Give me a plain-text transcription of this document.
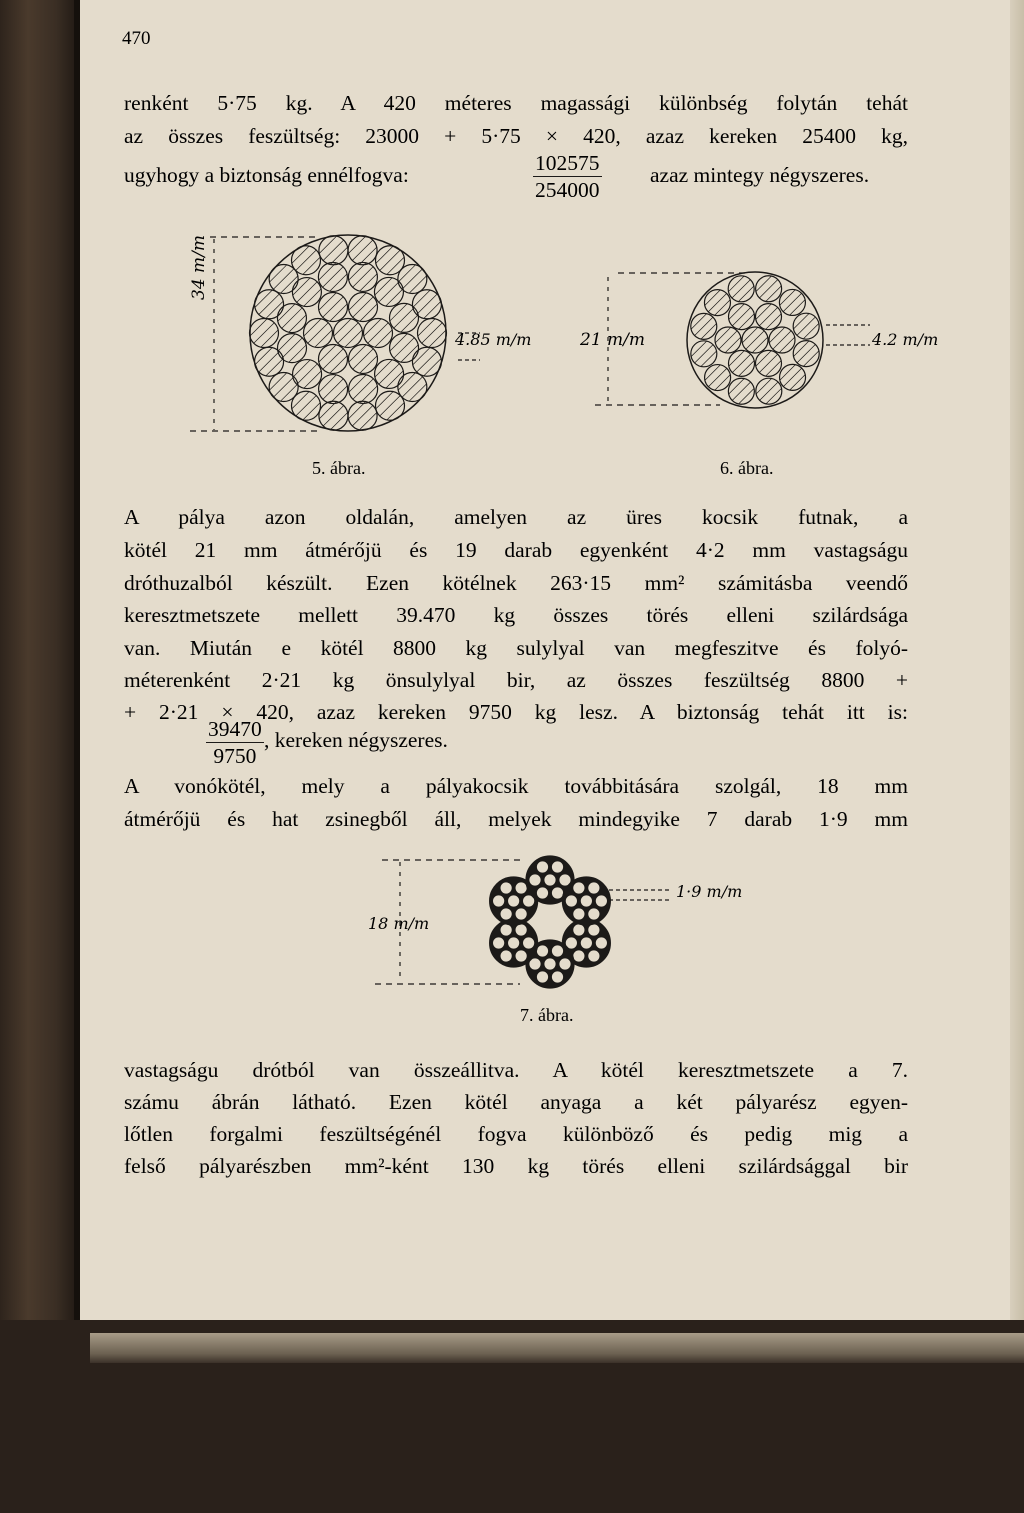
470
renként 5·75 kg. A 420 méteres magassági különbség folytán tehát
az összes feszültség: 23000 + 5·75 × 420, azaz kereken 25400 kg,
ugyhogy a biztonság ennélfogva:	$\frac{102575}{254000}$ azaz mintegy négyszeres.
34 m/m
4.85 m/m	21 m/m	4.2 m/m
5. ábra.	6. ábra.
A pálya azon oldalán, amelyen az üres kocsik futnak, a
kötél 21 mm átmérőjü és 19 darab egyenként 4·2 mm vastagságu
dróthuzalból készült. Ezen kötélnek 263·15 mm² számitásba veendő
keresztmetszete mellett 39.470 kg összes törés elleni szilárdsága
van. Miután e kötél 8800 kg sulylyal van megfeszitve és folyó-
méterenként 2·21 kg önsulylyal bir, az összes feszültség 8800 +
+ 2·21 × 420, azaz kereken 9750 kg lesz. A biztonság tehát itt is:
$\frac{39470}{9750}$ , kereken négyszeres.
A vonókötél, mely a pályakocsik továbbitására szolgál, 18 mm
átmérőjü és hat zsinegből áll, melyek mindegyike 7 darab 1·9 mm
18 m/m
1·9 m/m
7. ábra.
vastagságu drótból van összeállitva. A kötél keresztmetszete a 7.
számu ábrán látható. Ezen kötél anyaga a két pályarész egyen-
lőtlen forgalmi feszültségénél fogva különböző és pedig mig a
felső pályarészben mm²-ként 130 kg törés elleni szilárdsággal bir
